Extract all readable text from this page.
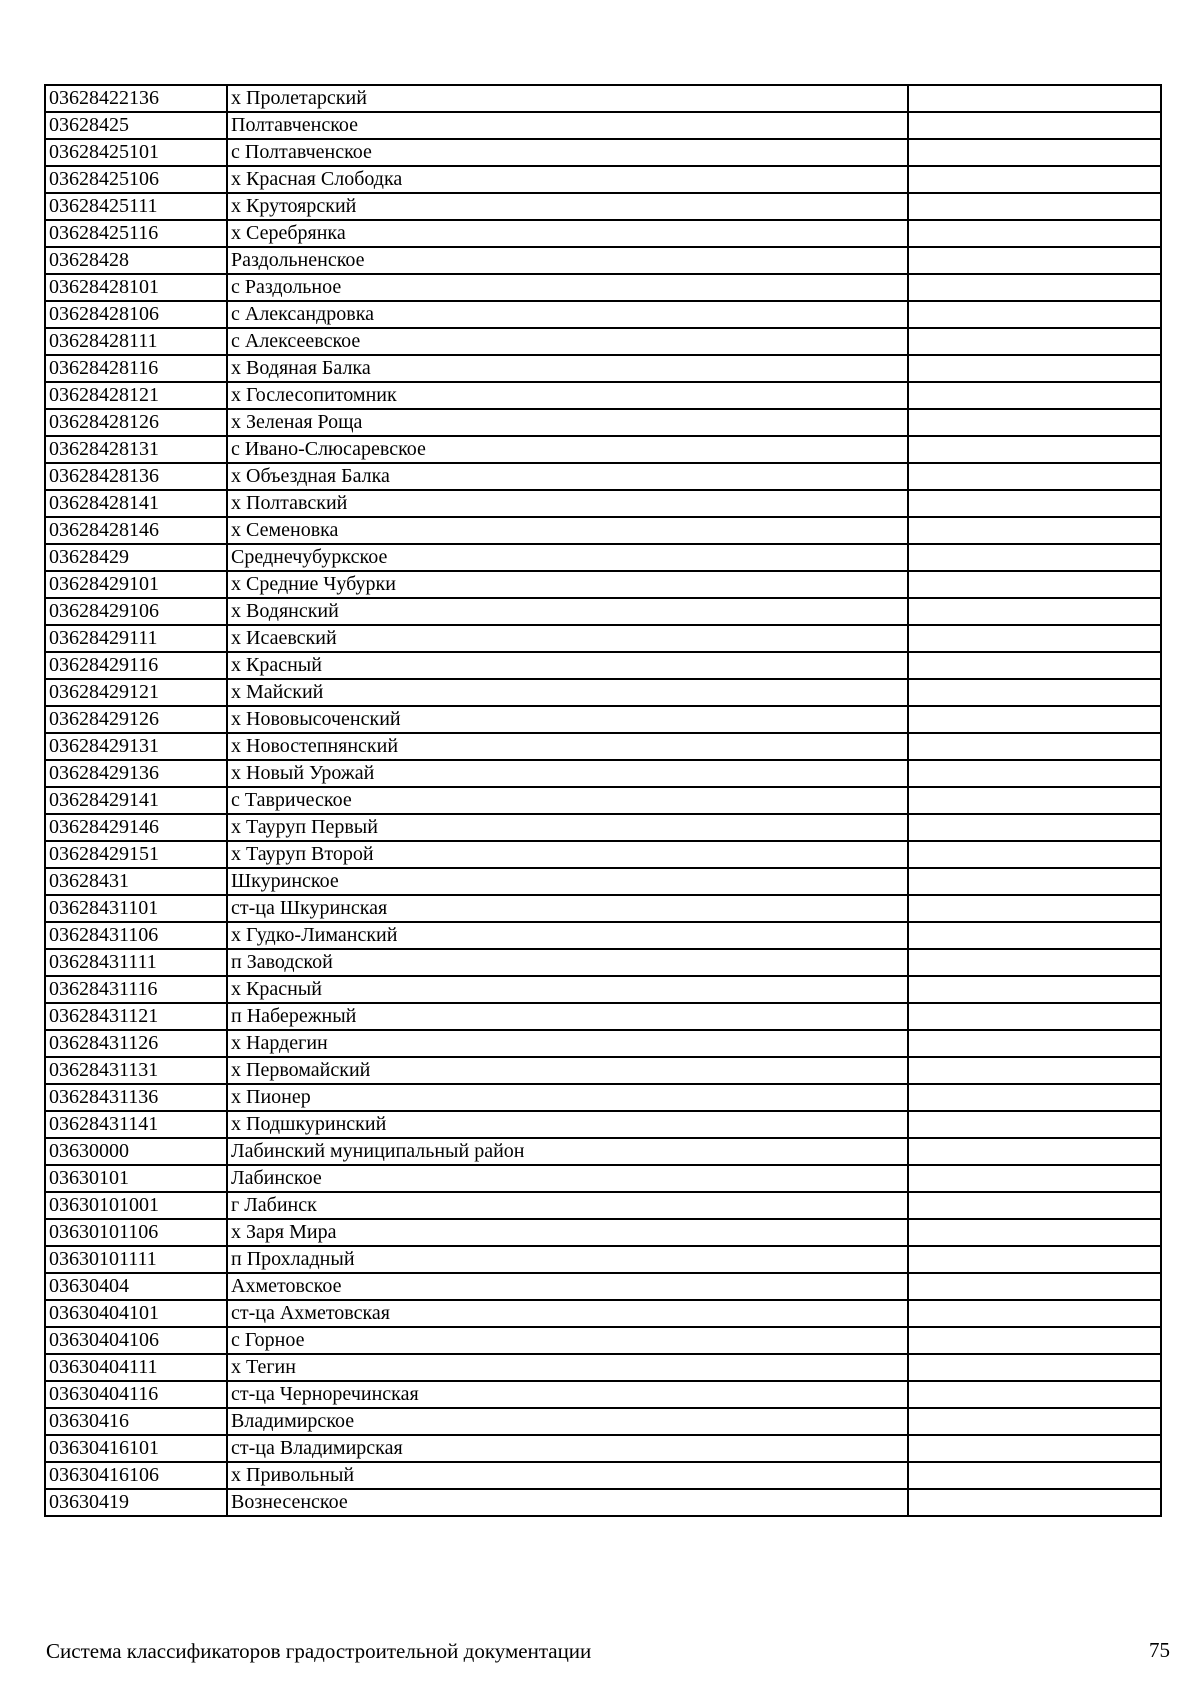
03628422136	х Пролетарский	
03628425	Полтавченское	
03628425101	с Полтавченское	
03628425106	х Красная Слободка	
03628425111	х Крутоярский	
03628425116	х Серебрянка	
03628428	Раздольненское	
03628428101	с Раздольное	
03628428106	с Александровка	
03628428111	с Алексеевское	
03628428116	х Водяная Балка	
03628428121	х Гослесопитомник	
03628428126	х Зеленая Роща	
03628428131	с Ивано-Слюсаревское	
03628428136	х Объездная Балка	
03628428141	х Полтавский	
03628428146	х Семеновка	
03628429	Среднечубуркское	
03628429101	х Средние Чубурки	
03628429106	х Водянский	
03628429111	х Исаевский	
03628429116	х Красный	
03628429121	х Майский	
03628429126	х Нововысоченский	
03628429131	х Новостепнянский	
03628429136	х Новый Урожай	
03628429141	с Таврическое	
03628429146	х Тауруп Первый	
03628429151	х Тауруп Второй	
03628431	Шкуринское	
03628431101	ст-ца Шкуринская	
03628431106	х Гудко-Лиманский	
03628431111	п Заводской	
03628431116	х Красный	
03628431121	п Набережный	
03628431126	х Нардегин	
03628431131	х Первомайский	
03628431136	х Пионер	
03628431141	х Подшкуринский	
03630000	Лабинский муниципальный район	
03630101	Лабинское	
03630101001	г Лабинск	
03630101106	х Заря Мира	
03630101111	п Прохладный	
03630404	Ахметовское	
03630404101	ст-ца Ахметовская	
03630404106	с Горное	
03630404111	х Тегин	
03630404116	ст-ца Черноречинская	
03630416	Владимирское	
03630416101	ст-ца Владимирская	
03630416106	х Привольный	
03630419	Вознесенское	
Система классификаторов градостроительной документации	75
